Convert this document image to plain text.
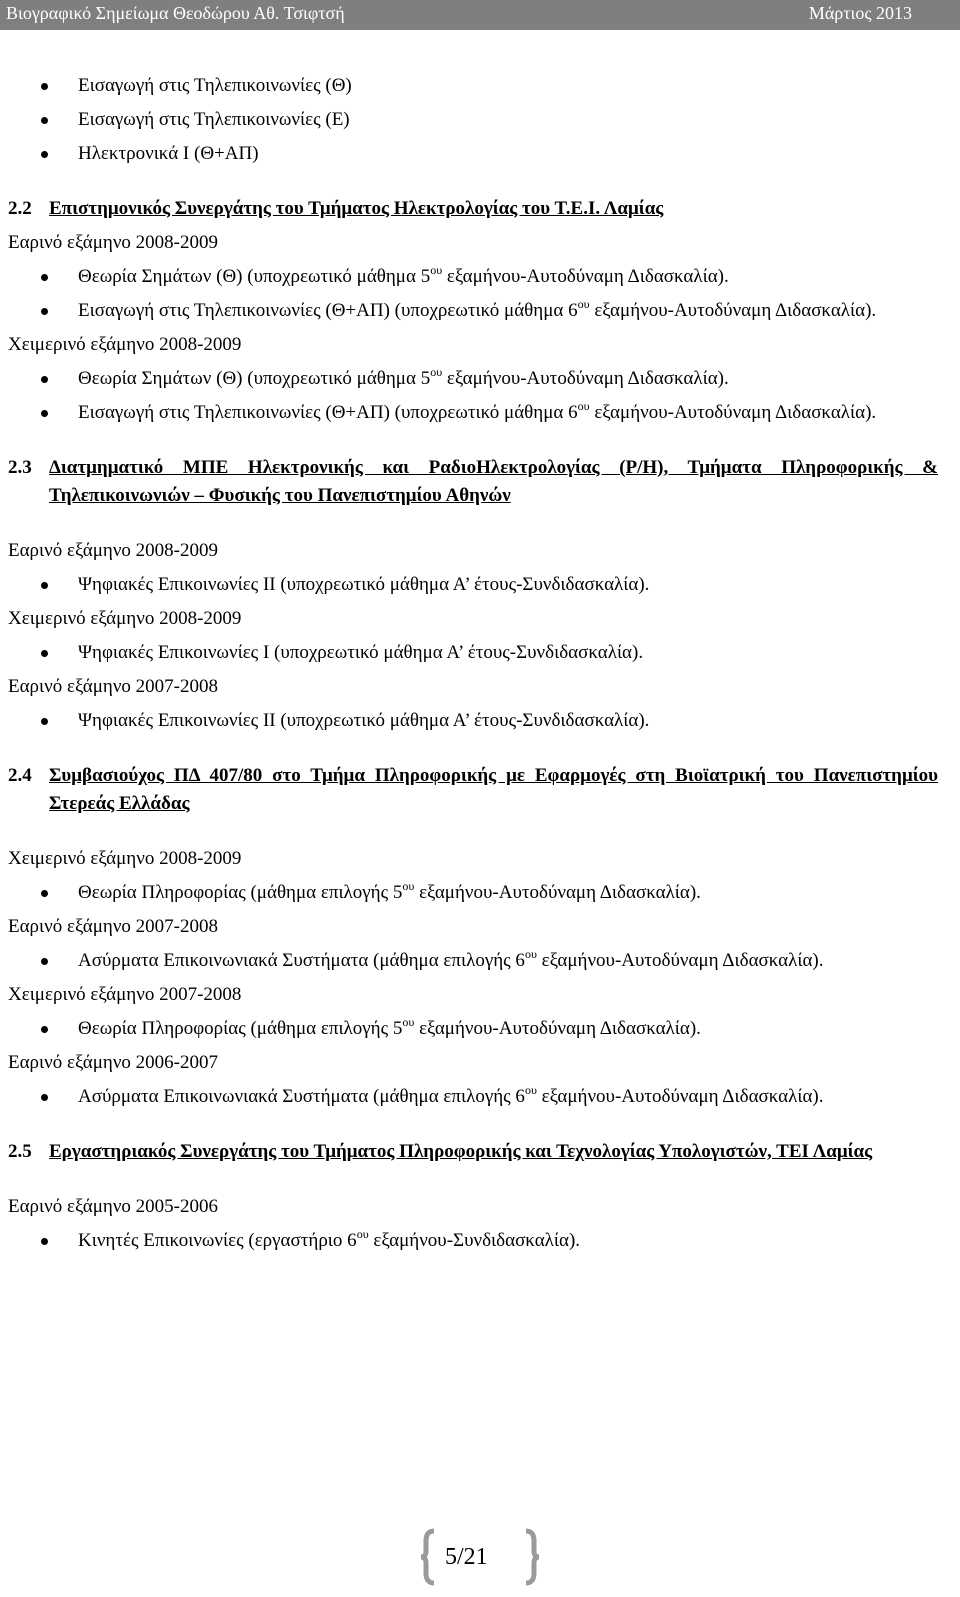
Βιογραφικό Σημείωμα Θεοδώρου Αθ. Τσιφτσή	Μάρτιος 2013
Εισαγωγή στις Τηλεπικοινωνίες (Θ)
Εισαγωγή στις Τηλεπικοινωνίες (Ε)
Ηλεκτρονικά Ι (Θ+ΑΠ)
2.2 Επιστημονικός Συνεργάτης του Τμήματος Ηλεκτρολογίας του Τ.Ε.Ι. Λαμίας
Εαρινό εξάμηνο 2008-2009
Θεωρία Σημάτων (Θ) (υποχρεωτικό μάθημα $5^{o\upsilon}$ εξαμήνου-Αυτοδύναμη Διδασκαλία).
Εισαγωγή στις Τηλεπικοινωνίες (Θ+ΑΠ) (υποχρεωτικό μάθημα $6^{o\upsilon}$ εξαμήνου-Αυτοδύναμη Διδασκαλία).
Χειμερινό εξάμηνο 2008-2009
Θεωρία Σημάτων (Θ) (υποχρεωτικό μάθημα $5^{o\upsilon}$ εξαμήνου-Αυτοδύναμη Διδασκαλία).
Εισαγωγή στις Τηλεπικοινωνίες (Θ+ΑΠ) (υποχρεωτικό μάθημα $6^{o\upsilon}$ εξαμήνου-Αυτοδύναμη Διδασκαλία).
2.3 Διατμηματικό ΜΠΕ Ηλεκτρονικής και ΡαδιοΗλεκτρολογίας (Ρ/Η), Τμήματα Πληροφορικής & Τηλεπικοινωνιών – Φυσικής του Πανεπιστημίου Αθηνών
Εαρινό εξάμηνο 2008-2009
Ψηφιακές Επικοινωνίες ΙΙ (υποχρεωτικό μάθημα Α’ έτους-Συνδιδασκαλία).
Χειμερινό εξάμηνο 2008-2009
Ψηφιακές Επικοινωνίες Ι (υποχρεωτικό μάθημα Α’ έτους-Συνδιδασκαλία).
Εαρινό εξάμηνο 2007-2008
Ψηφιακές Επικοινωνίες ΙΙ (υποχρεωτικό μάθημα Α’ έτους-Συνδιδασκαλία).
2.4 Συμβασιούχος ΠΔ 407/80 στο Τμήμα Πληροφορικής με Εφαρμογές στη Βιοϊατρική του Πανεπιστημίου Στερεάς Ελλάδας
Χειμερινό εξάμηνο 2008-2009
Θεωρία Πληροφορίας (μάθημα επιλογής $5^{o\upsilon}$ εξαμήνου-Αυτοδύναμη Διδασκαλία).
Εαρινό εξάμηνο 2007-2008
Ασύρματα Επικοινωνιακά Συστήματα (μάθημα επιλογής $6^{o\upsilon}$ εξαμήνου-Αυτοδύναμη Διδασκαλία).
Χειμερινό εξάμηνο 2007-2008
Θεωρία Πληροφορίας (μάθημα επιλογής $5^{o\upsilon}$ εξαμήνου-Αυτοδύναμη Διδασκαλία).
Εαρινό εξάμηνο 2006-2007
Ασύρματα Επικοινωνιακά Συστήματα (μάθημα επιλογής $6^{o\upsilon}$ εξαμήνου-Αυτοδύναμη Διδασκαλία).
2.5 Εργαστηριακός Συνεργάτης του Τμήματος Πληροφορικής και Τεχνολογίας Υπολογιστών, ΤΕΙ Λαμίας
Εαρινό εξάμηνο 2005-2006
Κινητές Επικοινωνίες (εργαστήριο $6^{o\upsilon}$ εξαμήνου-Συνδιδασκαλία).
5/21
